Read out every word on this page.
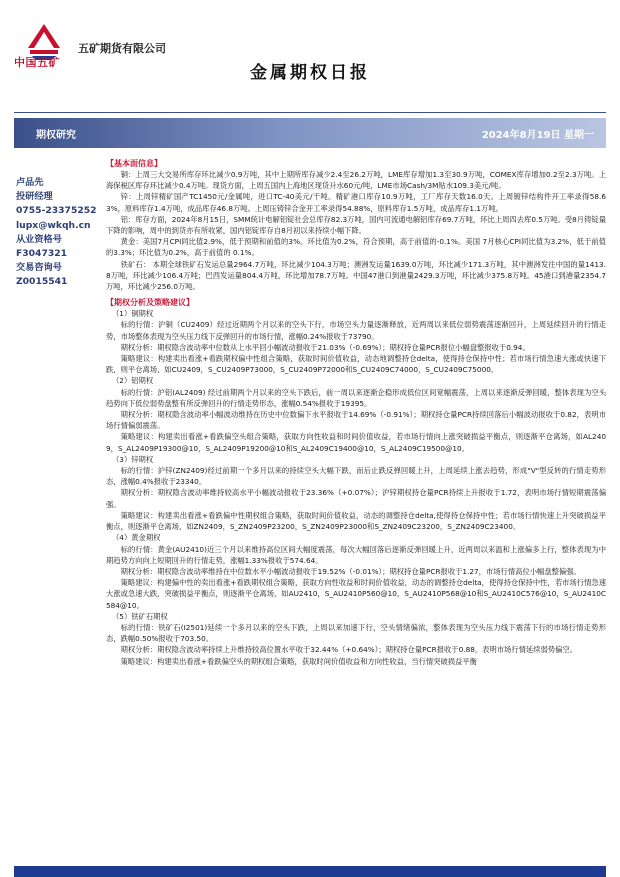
中国五矿
五矿期货有限公司
金属期权日报
期权研究	2024年8月19日 星期一
卢品先
投研经理
0755-23375252
lupx@wkqh.cn
从业资格号
F3047321
交易咨询号
Z0015541
【基本面信息】
铜：上周三大交易所库存环比减少0.9万吨，其中上期所库存减少2.4至26.2万吨，LME库存增加1.3至30.9万吨，COMEX库存增加0.2至2.3万吨。上海保税区库存环比减少0.4万吨。现货方面，上周五国内上海地区现货升水60元/吨，LME市场Cash/3M贴水109.3美元/吨。
锌：上周锌精矿国产TC1450元/金属吨，进口TC-40美元/干吨。精矿港口库存10.9万吨，工厂库存天数16.0天。上周镀锌结构件开工率录得58.63%，原料库存1.4万吨，成品库存46.8万吨。上周压铸锌合金开工率录得54.88%，原料库存1.5万吨，成品库存1.1万吨。
铝：库存方面，2024年8月15日，SMM统计电解铝锭社会总库存82.3万吨，国内可流通电解铝库存69.7万吨，环比上周四去库0.5万吨。受8月铸锭量下降的影响，周中的到货亦有所收紧，国内铝锭库存自8月初以来持续小幅下降。
黄金：美国7月CPI同比值2.9%，低于预期和前值的3%。环比值为0.2%，符合预期，高于前值的-0.1%。美国 7月核心CPI同比值为3.2%，低于前值的3.3%；环比值为0.2%，高于前值的 0.1%。
铁矿石： 本期全球铁矿石发运总量2964.7万吨，环比减少104.3万吨；澳洲发运量1639.0万吨，环比减少171.3万吨，其中澳洲发往中国的量1413.8万吨，环比减少106.4万吨；巴西发运量804.4万吨，环比增加78.7万吨。中国47港口到港量2429.3万吨，环比减少375.8万吨。45港口到港量2354.7万吨，环比减少256.0万吨。
【期权分析及策略建议】
（1）铜期权
标的行情：沪铜（CU2409）经过近期两个月以来的空头下行，市场空头力量逐渐释放，近两周以来低位弱势震荡逐渐回升，上周延续回升的行情走势，市场整体表现为空头压力线下反弹回升的市场行情，涨幅0.24%报收于73790。
期权分析：期权隐含波动率中位数从上水平回小幅波动报收于21.03%（-0.69%）；期权持仓量PCR报位小幅盘整报收于0.94。
策略建议：构建卖出看涨+看跌期权偏中性组合策略，获取时间价值收益，动态地调整持仓delta，使得持仓保持中性；若市场行情急速大涨或快速下跌，则平仓离场，如CU2409，S_CU2409P73000，S_CU2409P72000和S_CU2409C74000，S_CU2409C75000。
（2）铝期权
标的行情：沪铝(AL2409) 经过前期两个月以来的空头下跌后，前一周以来逐渐企稳形成低位区间宽幅震荡，上周以来逐渐反弹回暖，整体表现为空头趋势向下低位弱势盘整有所反弹回升的行情走势形态，涨幅0.54%报收于19395。
期权分析：期权隐含波动率小幅波动维持在历史中位数偏下水平报收于14.69%（-0.91%）；期权持仓量PCR持续回落后小幅波动报收于0.82，表明市场行情偏弱震荡。
策略建议：构建卖出看涨+看跌偏空头组合策略，获取方向性收益和时间价值收益，若市场行情向上涨突破损益平衡点，则逐渐平仓离场，如AL2409，S_AL2409P19300@10，S_AL2409P19200@10和S_AL2409C19400@10，S_AL2409C19500@10。
（3）锌期权
标的行情：沪锌(ZN2409)经过前期一个多月以来的持续空头大幅下跌，而后止跌反弹回暖上升，上周延续上涨去趋势，形成"V"型反转的行情走势形态，涨幅0.4%报收于23340。
期权分析：期权隐含波动率维持较高水平小幅波动报收于23.36%（+0.07%）；沪锌期权持仓量PCR持续上升报收于1.72，表明市场行情短期震荡偏强。
策略建议：构建卖出看涨+看跌偏中性期权组合策略，获取时间价值收益，动态的调整持仓delta,使得持仓保持中性；若市场行情快速上升突破损益平衡点，则逐渐平仓离场，如ZN2409，S_ZN2409P23200，S_ZN2409P23000和S_ZN2409C23200，S_ZN2409C23400。
（4）黄金期权
标的行情：黄金(AU2410)近三个月以来维持高位区间大幅度震荡，每次大幅回落后逐渐反弹回暖上升，近两周以来温和上涨偏多上行，整体表现为中期趋势方向向上短期回升的行情走势，涨幅1.33%报收于574.64。
期权分析：期权隐含波动率维持在中位数水平小幅波动报收于19.52%（-0.01%）；期权持仓量PCR报收于1.27，市场行情高位小幅盘整偏强。
策略建议：构建偏中性的卖出看涨+看跌期权组合策略，获取方向性收益和时间价值收益，动态的调整持仓delta，使得持仓保持中性，若市场行情急速大涨或急速大跌，突破损益平衡点，则逐渐平仓离场，如AU2410，S_AU2410P560@10，S_AU2410P568@10和S_AU2410C576@10，S_AU2410C584@10。
（5）铁矿石期权
标的行情：铁矿石(I2501)延续一个多月以来的空头下跌，上周以来加速下行，空头情绪偏浓，整体表现为空头压力线下震荡下行的市场行情走势形态，跌幅0.50%报收于703.50。
期权分析：期权隐含波动率持续上升维持较高位置水平收于32.44%（+0.64%）；期权持仓量PCR报收于0.88，表明市场行情延续弱势偏空。
策略建议：构建卖出看涨+看跌偏空头的期权组合策略，获取时间价值收益和方向性收益，当行情突破损益平衡
